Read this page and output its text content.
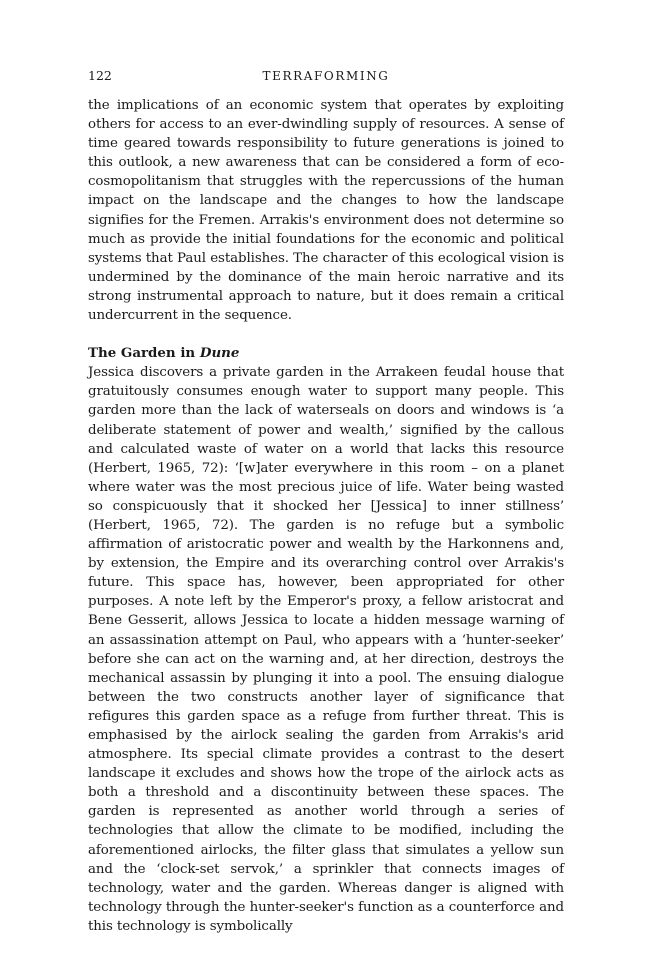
122	TERRAFORMING

the implications of an economic system that operates by exploiting others for access to an ever-dwindling supply of resources. A sense of time geared towards responsibility to future generations is joined to this outlook, a new awareness that can be considered a form of eco-cosmopolitanism that struggles with the repercussions of the human impact on the landscape and the changes to how the landscape signifies for the Fremen. Arrakis's environment does not determine so much as provide the initial foundations for the economic and political systems that Paul establishes. The character of this ecological vision is undermined by the dominance of the main heroic narrative and its strong instrumental approach to nature, but it does remain a critical undercurrent in the sequence.

The Garden in Dune

Jessica discovers a private garden in the Arrakeen feudal house that gratuitously consumes enough water to support many people. This garden more than the lack of waterseals on doors and windows is ‘a deliberate statement of power and wealth,’ signified by the callous and calculated waste of water on a world that lacks this resource (Herbert, 1965, 72): ‘[w]ater everywhere in this room – on a planet where water was the most precious juice of life. Water being wasted so conspicuously that it shocked her [Jessica] to inner stillness’ (Herbert, 1965, 72). The garden is no refuge but a symbolic affirmation of aristocratic power and wealth by the Harkonnens and, by extension, the Empire and its overarching control over Arrakis's future. This space has, however, been appropriated for other purposes. A note left by the Emperor's proxy, a fellow aristocrat and Bene Gesserit, allows Jessica to locate a hidden message warning of an assassination attempt on Paul, who appears with a ‘hunter-seeker’ before she can act on the warning and, at her direction, destroys the mechanical assassin by plunging it into a pool. The ensuing dialogue between the two constructs another layer of significance that refigures this garden space as a refuge from further threat. This is emphasised by the airlock sealing the garden from Arrakis's arid atmosphere. Its special climate provides a contrast to the desert landscape it excludes and shows how the trope of the airlock acts as both a threshold and a discontinuity between these spaces. The garden is represented as another world through a series of technologies that allow the climate to be modified, including the aforementioned airlocks, the filter glass that simulates a yellow sun and the ‘clock-set servok,’ a sprinkler that connects images of technology, water and the garden. Whereas danger is aligned with technology through the hunter-seeker's function as a counterforce and this technology is symbolically
